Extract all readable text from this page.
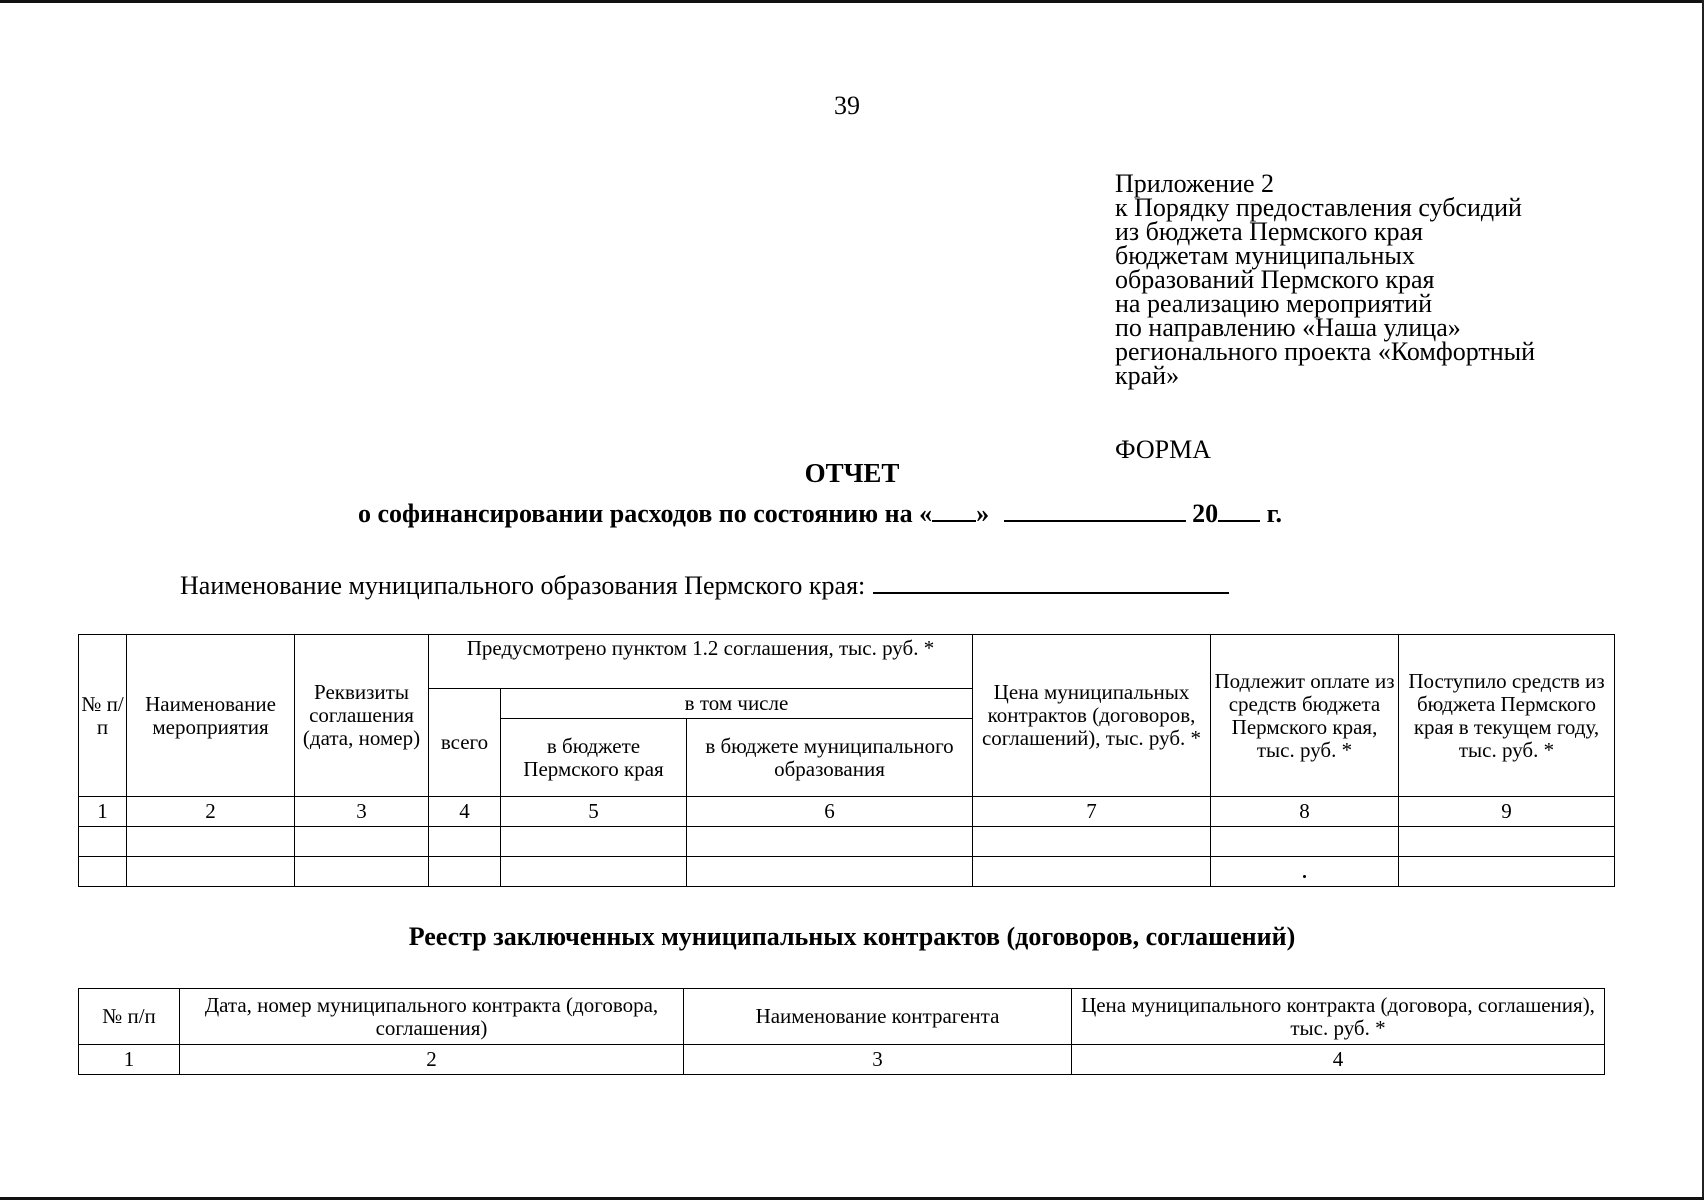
39
Приложение 2
к Порядку предоставления субсидий
из бюджета Пермского края
бюджетам муниципальных
образований Пермского края
на реализацию мероприятий
по направлению «Наша улица»
регионального проекта «Комфортный
край»
ФОРМА
ОТЧЕТ
о софинансировании расходов по состоянию на « »	20 г.
Наименование муниципального образования Пермского края:
№ п/п	Наименование мероприятия	Реквизиты соглашения (дата, номер)	Предусмотрено пунктом 1.2 соглашения, тыс. руб. *			Цена муниципальных контрактов (договоров, соглашений), тыс. руб. *	Подлежит оплате из средств бюджета Пермского края, тыс. руб. *	Поступило средств из бюджета Пермского края в текущем году, тыс. руб. *
			всего	в том числе				
				в бюджете Пермского края	в бюджете муниципального образования			
1	2	3	4	5	6	7	8	9

Реестр заключенных муниципальных контрактов (договоров, соглашений)
№ п/п	Дата, номер муниципального контракта (договора, соглашения)	Наименование контрагента	Цена муниципального контракта (договора, соглашения), тыс. руб. *
1	2	3	4
